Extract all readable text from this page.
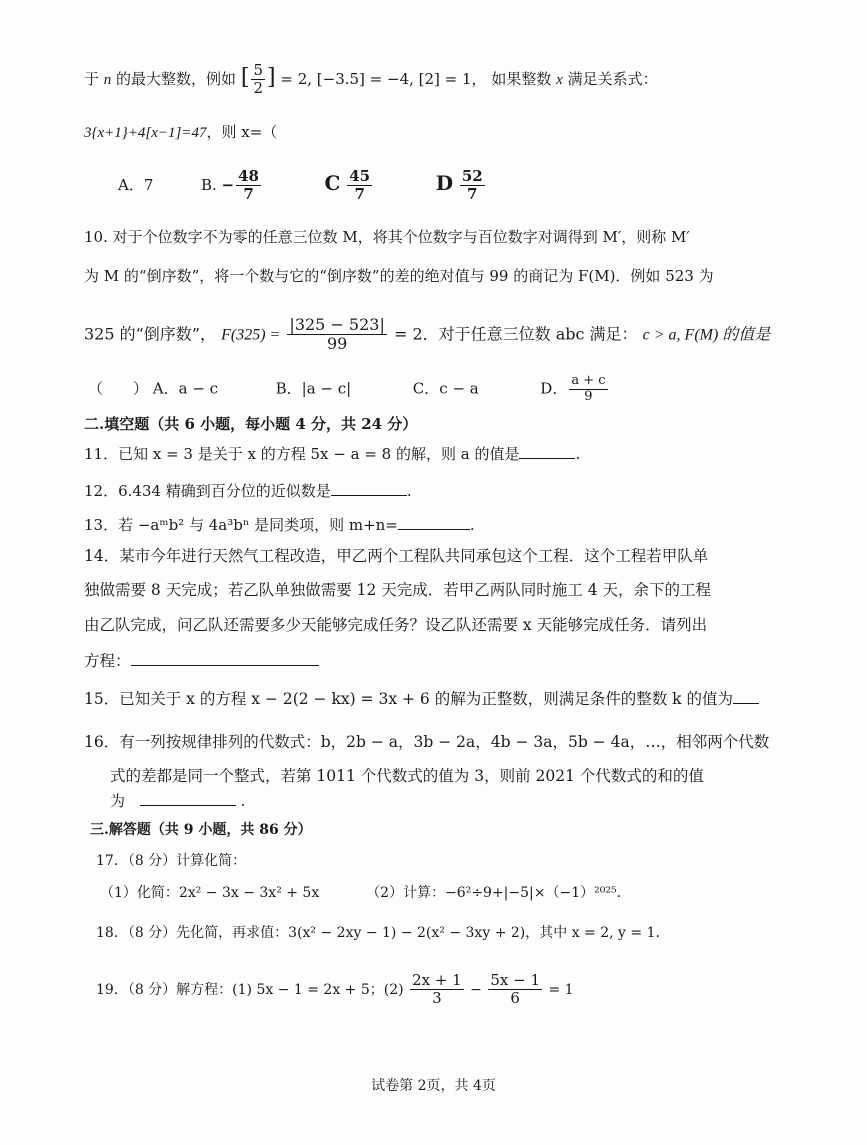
于 n 的最大整数，例如 [ $\frac{5}{2}$ ] = 2, [−3.5] = −4, [2] = 1， 如果整数 x 满足关系式：
3{x+1}+4[x−1]=47，则 x=（
A．7	B. − $\frac{48}{7}$	C $\frac{45}{7}$	D $\frac{52}{7}$
10. 对于个位数字不为零的任意三位数 M，将其个位数字与百位数字对调得到 M′，则称 M′
为 M 的“倒序数”，将一个数与它的“倒序数”的差的绝对值与 99 的商记为 F(M)．例如 523 为
325 的“倒序数”， $F(325) = \frac{|325 - 523|}{99} = 2$．对于任意三位数 abc 满足： c > a, F(M) 的值是
（　　） A．a − c	B．|a − c|	C．c − a	D． $\frac{a + c}{9}$
二.填空题（共 6 小题，每小题 4 分，共 24 分）
11．已知 x = 3 是关于 x 的方程 5x − a = 8 的解，则 a 的值是	.
12．6.434 精确到百分位的近似数是	.
13．若 −aᵐb² 与 4a³bⁿ 是同类项，则 m+n=	.
14．某市今年进行天然气工程改造，甲乙两个工程队共同承包这个工程．这个工程若甲队单
独做需要 8 天完成；若乙队单独做需要 12 天完成．若甲乙两队同时施工 4 天，余下的工程
由乙队完成，问乙队还需要多少天能够完成任务？设乙队还需要 x 天能够完成任务．请列出
方程：
15．已知关于 x 的方程 x − 2(2 − kx) = 3x + 6 的解为正整数，则满足条件的整数 k 的值为
16．有一列按规律排列的代数式：b，2b − a，3b − 2a，4b − 3a，5b − 4a，…，相邻两个代数
式的差都是同一个整式，若第 1011 个代数式的值为 3，则前 2021 个代数式的和的值
为	.
三.解答题（共 9 小题，共 86 分）
17．（8 分）计算化简：
（1）化简：2x² − 3x − 3x² + 5x	（2）计算：−6²÷9+|−5|×（−1）²⁰²⁵．
18．（8 分）先化简，再求值：3(x² − 2xy − 1) − 2(x² − 3xy + 2)，其中 x = 2, y = 1．
19．（8 分）解方程：(1) 5x − 1 = 2x + 5；$(2) \frac{2x + 1}{3} - \frac{5x - 1}{6} = 1$
试卷第 2页，共 4页
